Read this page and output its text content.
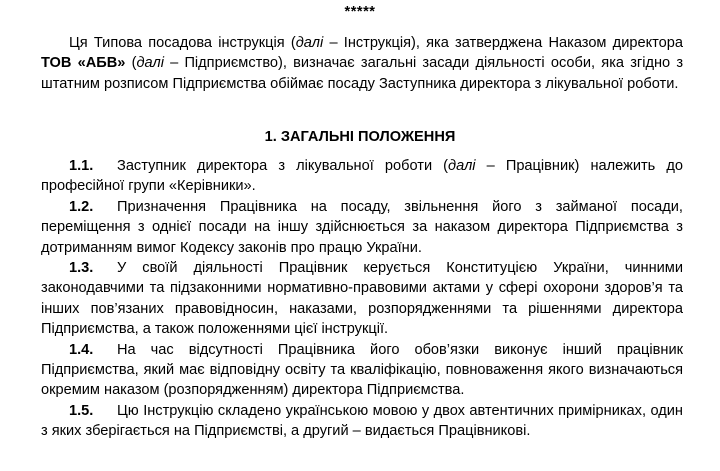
*****

Ця Типова посадова інструкція (далі – Інструкція), яка затверджена Наказом директора ТОВ «АБВ» (далі – Підприємство), визначає загальні засади діяльності особи, яка згідно з штатним розписом Підприємства обіймає посаду Заступника директора з лікувальної роботи.

1. ЗАГАЛЬНІ ПОЛОЖЕННЯ

1.1. Заступник директора з лікувальної роботи (далі – Працівник) належить до професійної групи «Керівники».

1.2. Призначення Працівника на посаду, звільнення його з займаної посади, переміщення з однієї посади на іншу здійснюється за наказом директора Підприємства з дотриманням вимог Кодексу законів про працю України.

1.3. У своїй діяльності Працівник керується Конституцією України, чинними законодавчими та підзаконними нормативно-правовими актами у сфері охорони здоров’я та інших пов’язаних правовідносин, наказами, розпорядженнями та рішеннями директора Підприємства, а також положеннями цієї інструкції.

1.4. На час відсутності Працівника його обов’язки виконує інший працівник Підприємства, який має відповідну освіту та кваліфікацію, повноваження якого визначаються окремим наказом (розпорядженням) директора Підприємства.

1.5. Цю Інструкцію складено українською мовою у двох автентичних примірниках, один з яких зберігається на Підприємстві, а другий – видається Працівникові.
